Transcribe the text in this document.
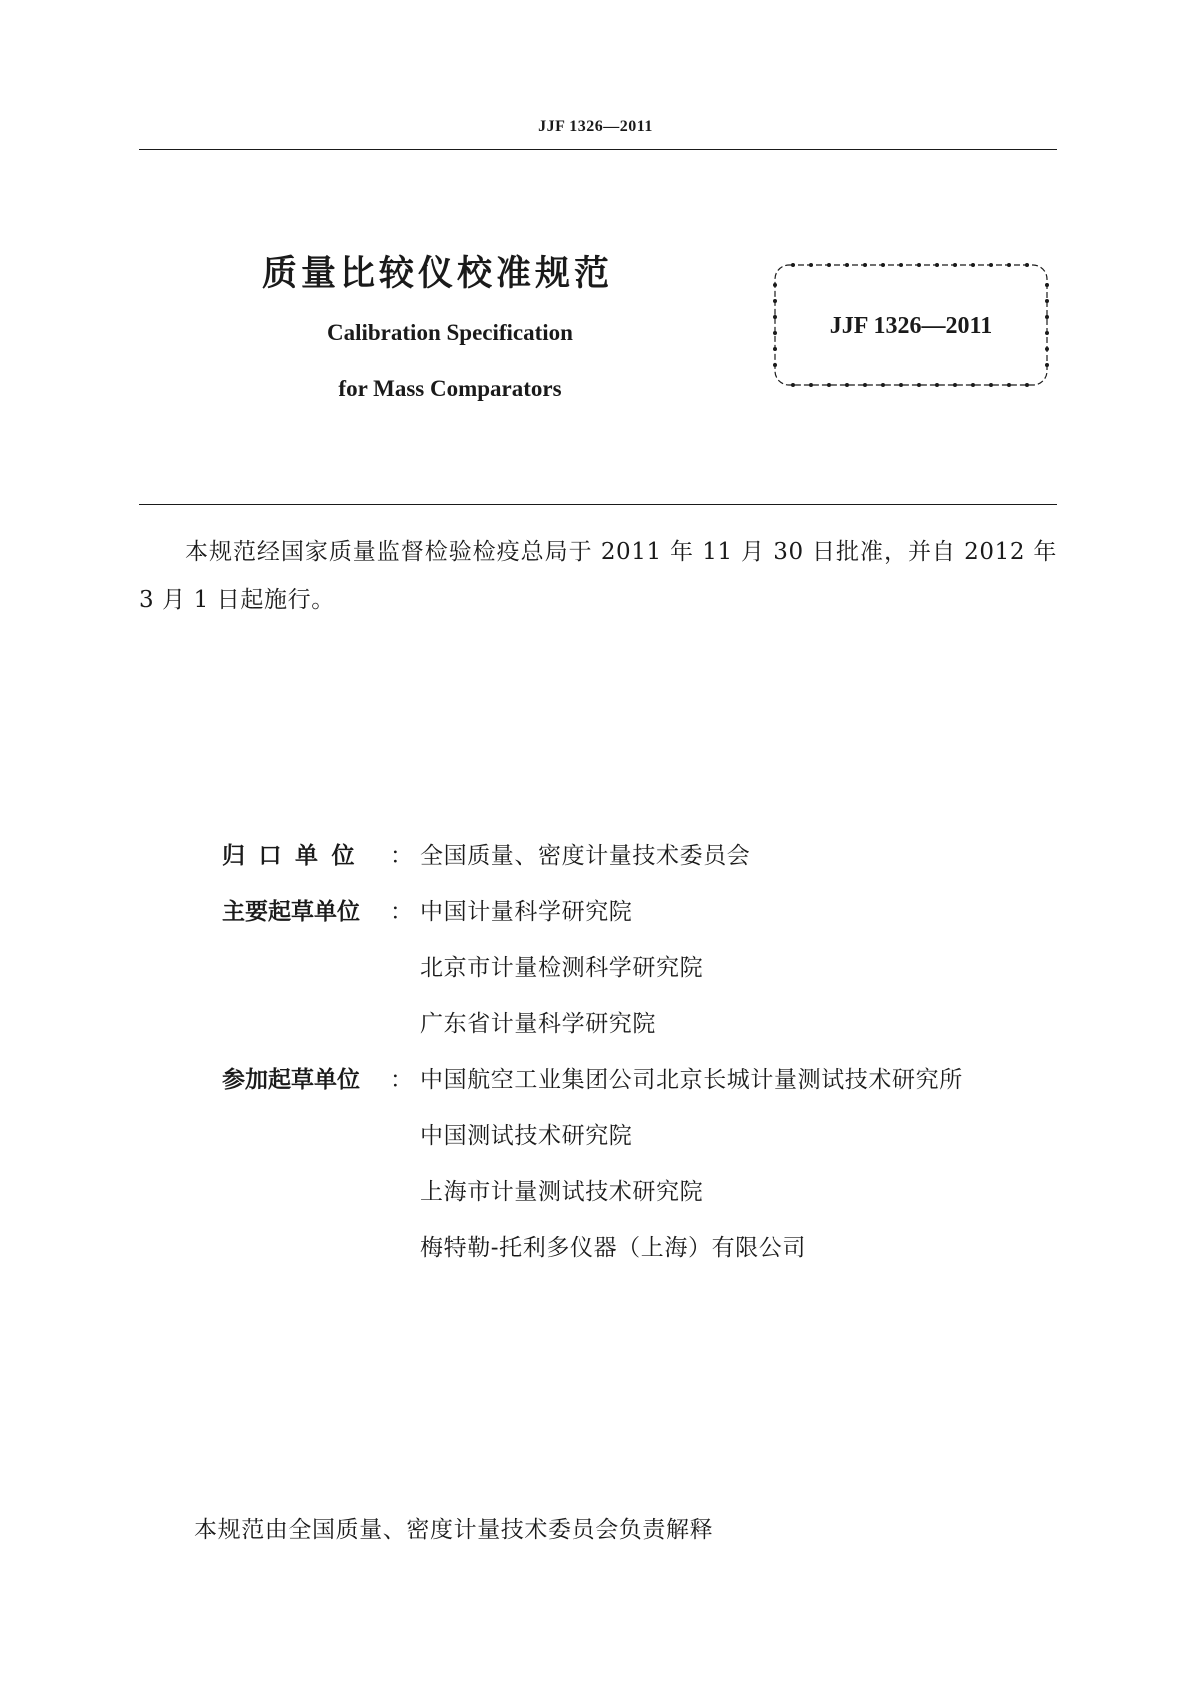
JJF 1326—2011
质量比较仪校准规范
Calibration Specification
for Mass Comparators
JJF 1326—2011
本规范经国家质量监督检验检疫总局于 2011 年 11 月 30 日批准，并自 2012 年 3 月 1 日起施行。
归口单位 ： 全国质量、密度计量技术委员会
主要起草单位	： 中国计量科学研究院
北京市计量检测科学研究院
广东省计量科学研究院
参加起草单位	： 中国航空工业集团公司北京长城计量测试技术研究所
中国测试技术研究院
上海市计量测试技术研究院
梅特勒-托利多仪器（上海）有限公司
本规范由全国质量、密度计量技术委员会负责解释
